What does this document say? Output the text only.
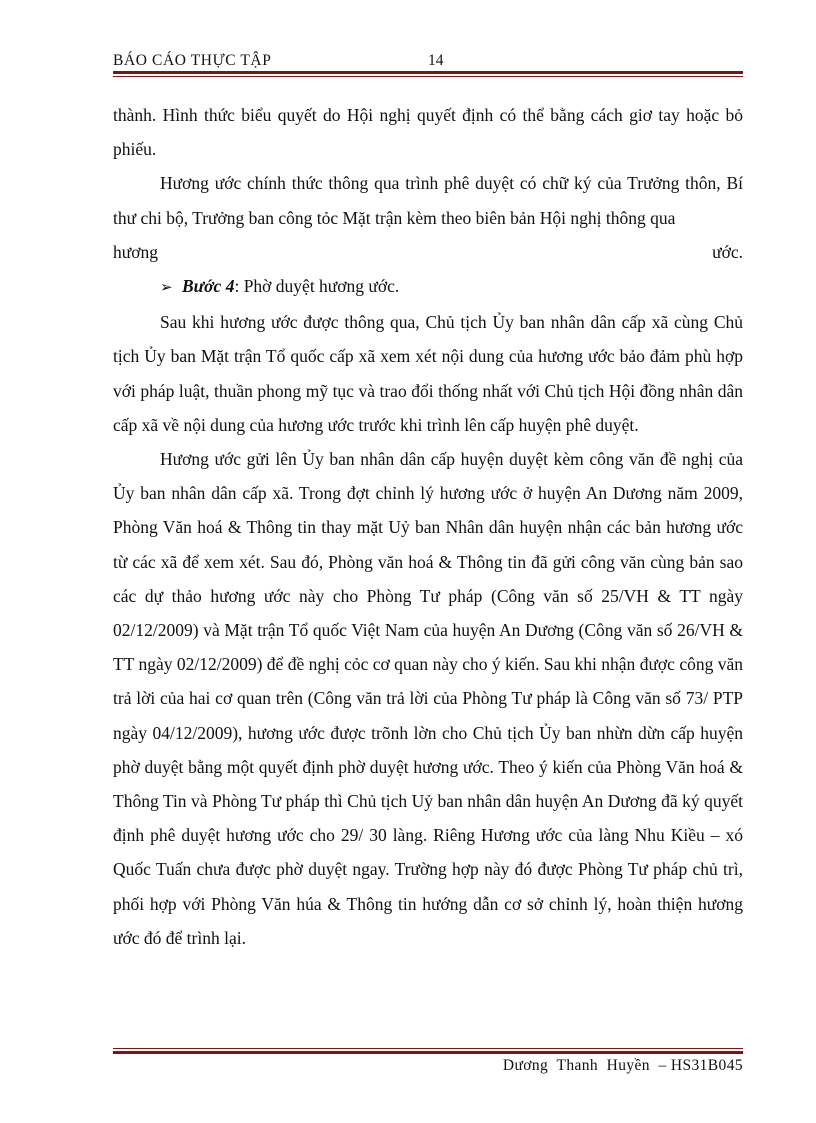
BÁO CÁO THỰC TẬP	14

thành. Hình thức biểu quyết do Hội nghị quyết định có thể bằng cách giơ tay hoặc bỏ phiếu.

Hương ước chính thức thông qua trình phê duyệt có chữ ký của Trưởng thôn, Bí thư chi bộ, Trưởng ban công tỏc Mặt trận kèm theo biên bản Hội nghị thông qua

hương	ước.

➢ Bước 4: Phờ duyệt hương ước.

Sau khi hương ước được thông qua, Chủ tịch Ủy ban nhân dân cấp xã cùng Chủ tịch Ủy ban Mặt trận Tổ quốc cấp xã xem xét nội dung của hương ước bảo đảm phù hợp với pháp luật, thuần phong mỹ tục và trao đổi thống nhất với Chủ tịch Hội đồng nhân dân cấp xã về nội dung của hương ước trước khi trình lên cấp huyện phê duyệt.

Hương ước gửi lên Ủy ban nhân dân cấp huyện duyệt kèm công văn đề nghị của Ủy ban nhân dân cấp xã. Trong đợt chỉnh lý hương ước ở huyện An Dương năm 2009, Phòng Văn hoá & Thông tin thay mặt Uỷ ban Nhân dân huyện nhận các bản hương ước từ các xã để xem xét. Sau đó, Phòng văn hoá & Thông tin đã gửi công văn cùng bản sao các dự thảo hương ước này cho Phòng Tư pháp (Công văn số 25/VH & TT ngày 02/12/2009) và Mặt trận Tổ quốc Việt Nam của huyện An Dương (Công văn số 26/VH & TT ngày 02/12/2009) để đề nghị cỏc cơ quan này cho ý kiến. Sau khi nhận được công văn trả lời của hai cơ quan trên (Công văn trả lời của Phòng Tư pháp là Công văn số 73/ PTP ngày 04/12/2009), hương ước được trõnh lờn cho Chủ tịch Ủy ban nhừn dừn cấp huyện phờ duyệt bằng một quyết định phờ duyệt hương ước. Theo ý kiến của Phòng Văn hoá & Thông Tin và Phòng Tư pháp thì Chủ tịch Uỷ ban nhân dân huyện An Dương đã ký quyết định phê duyệt hương ước cho 29/ 30 làng. Riêng Hương ước của làng Nhu Kiều – xó Quốc Tuấn chưa được phờ duyệt ngay. Trường hợp này đó được Phòng Tư pháp chủ trì, phối hợp với Phòng Văn húa & Thông tin hướng dẫn cơ sở chỉnh lý, hoàn thiện hương ước đó để trình lại.

Dương  Thanh  Huyền  – HS31B045
